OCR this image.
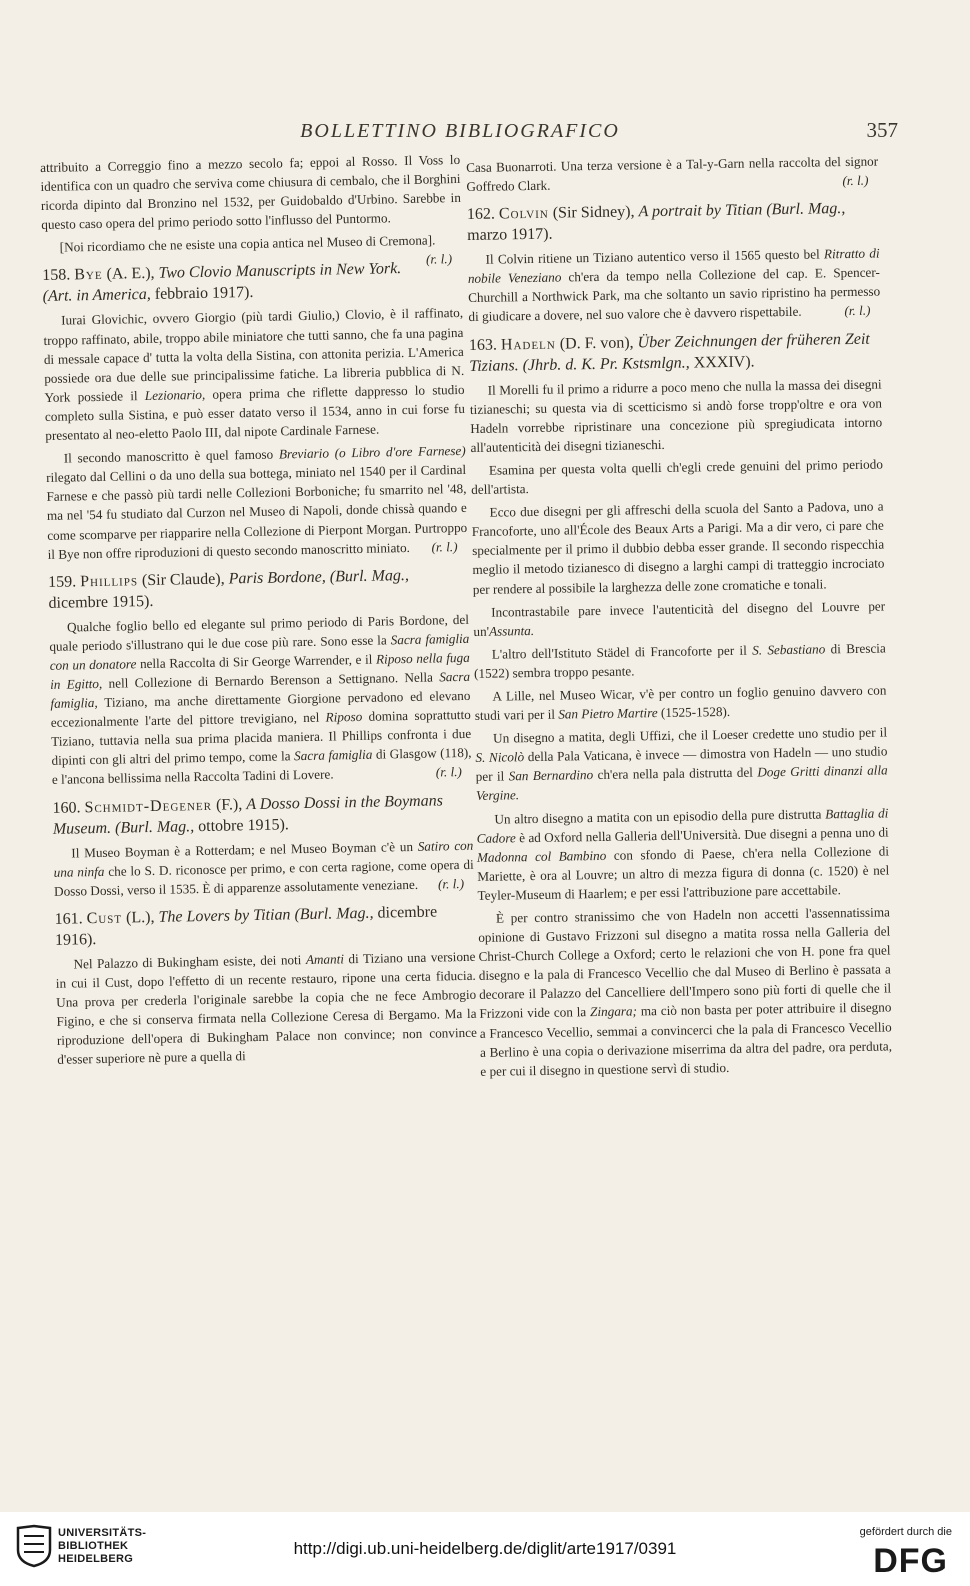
BOLLETTINO BIBLIOGRAFICO	357

attribuito a Correggio fino a mezzo secolo fa; eppoi al Rosso. Il Voss lo identifica con un quadro che serviva come chiusura di cembalo, che il Borghini ricorda dipinto dal Bronzino nel 1532, per Guidobaldo d'Urbino. Sarebbe in questo caso opera del primo periodo sotto l'influsso del Puntormo.

[Noi ricordiamo che ne esiste una copia antica nel Museo di Cremona].
(r. l.)

158. Bye (A. E.), Two Clovio Manuscripts in New York. (Art. in America, febbraio 1917).

Iurai Glovichic, ovvero Giorgio (più tardi Giulio,) Clovio, è il raffinato, troppo raffinato, abile, troppo abile miniatore che tutti sanno, che fa una pagina di messale capace d' tutta la volta della Sistina, con attonita perizia. L'America possiede ora due delle sue principalissime fatiche. La libreria pubblica di N. York possiede il Lezionario, opera prima che riflette dappresso lo studio completo sulla Sistina, e può esser datato verso il 1534, anno in cui forse fu presentato al neo-eletto Paolo III, dal nipote Cardinale Farnese.

Il secondo manoscritto è quel famoso Breviario (o Libro d'ore Farnese) rilegato dal Cellini o da uno della sua bottega, miniato nel 1540 per il Cardinal Farnese e che passò più tardi nelle Collezioni Borboniche; fu smarrito nel '48, ma nel '54 fu studiato dal Curzon nel Museo di Napoli, donde chissà quando e come scomparve per riapparire nella Collezione di Pierpont Morgan. Purtroppo il Bye non offre riproduzioni di questo secondo manoscritto miniato.	(r. l.)

159. Phillips (Sir Claude), Paris Bordone, (Burl. Mag., dicembre 1915).

Qualche foglio bello ed elegante sul primo periodo di Paris Bordone, del quale periodo s'illustrano qui le due cose più rare. Sono esse la Sacra famiglia con un donatore nella Raccolta di Sir George Warrender, e il Riposo nella fuga in Egitto, nell Collezione di Bernardo Berenson a Settignano. Nella Sacra famiglia, Tiziano, ma anche direttamente Giorgione pervadono ed elevano eccezionalmente l'arte del pittore trevigiano, nel Riposo domina soprattutto Tiziano, tuttavia nella sua prima placida maniera. Il Phillips confronta i due dipinti con gli altri del primo tempo, come la Sacra famiglia di Glasgow (118), e l'ancona bellissima nella Raccolta Tadini di Lovere.	(r. l.)

160. Schmidt-Degener (F.), A Dosso Dossi in the Boymans Museum. (Burl. Mag., ottobre 1915).

Il Museo Boyman è a Rotterdam; e nel Museo Boyman c'è un Satiro con una ninfa che lo S. D. riconosce per primo, e con certa ragione, come opera di Dosso Dossi, verso il 1535. È di apparenze assolutamente veneziane.	(r. l.)

161. Cust (L.), The Lovers by Titian (Burl. Mag., dicembre 1916).

Nel Palazzo di Bukingham esiste, dei noti Amanti di Tiziano una versione in cui il Cust, dopo l'effetto di un recente restauro, ripone una certa fiducia. Una prova per crederla l'originale sarebbe la copia che ne fece Ambrogio Figino, e che si conserva firmata nella Collezione Ceresa di Bergamo. Ma la riproduzione dell'opera di Bukingham Palace non convince; non convince d'esser superiore nè pure a quella di

Casa Buonarroti. Una terza versione è a Tal-y-Garn nella raccolta del signor Goffredo Clark.	(r. l.)

162. Colvin (Sir Sidney), A portrait by Titian (Burl. Mag., marzo 1917).

Il Colvin ritiene un Tiziano autentico verso il 1565 questo bel Ritratto di nobile Veneziano ch'era da tempo nella Collezione del cap. E. Spencer-Churchill a Northwick Park, ma che soltanto un savio ripristino ha permesso di giudicare a dovere, nel suo valore che è davvero rispettabile.	(r. l.)

163. Hadeln (D. F. von), Über Zeichnungen der früheren Zeit Tizians. (Jhrb. d. K. Pr. Kstsmlgn., XXXIV).

Il Morelli fu il primo a ridurre a poco meno che nulla la massa dei disegni tizianeschi; su questa via di scetticismo si andò forse tropp'oltre e ora von Hadeln vorrebbe ripristinare una concezione più spregiudicata intorno all'autenticità dei disegni tizianeschi.

Esamina per questa volta quelli ch'egli crede genuini del primo periodo dell'artista.

Ecco due disegni per gli affreschi della scuola del Santo a Padova, uno a Francoforte, uno all'École des Beaux Arts a Parigi. Ma a dir vero, ci pare che specialmente per il primo il dubbio debba esser grande. Il secondo rispecchia meglio il metodo tizianesco di disegno a larghi campi di tratteggio incrociato per rendere al possibile la larghezza delle zone cromatiche e tonali.

Incontrastabile pare invece l'autenticità del disegno del Louvre per un'Assunta.

L'altro dell'Istituto Städel di Francoforte per il S. Sebastiano di Brescia (1522) sembra troppo pesante.

A Lille, nel Museo Wicar, v'è per contro un foglio genuino davvero con studi vari per il San Pietro Martire (1525-1528).

Un disegno a matita, degli Uffizi, che il Loeser credette uno studio per il S. Nicolò della Pala Vaticana, è invece — dimostra von Hadeln — uno studio per il San Bernardino ch'era nella pala distrutta del Doge Gritti dinanzi alla Vergine.

Un altro disegno a matita con un episodio della pure distrutta Battaglia di Cadore è ad Oxford nella Galleria dell'Università. Due disegni a penna uno di Madonna col Bambino con sfondo di Paese, ch'era nella Collezione di Mariette, è ora al Louvre; un altro di mezza figura di donna (c. 1520) è nel Teyler-Museum di Haarlem; e per essi l'attribuzione pare accettabile.

È per contro stranissimo che von Hadeln non accetti l'assennatissima opinione di Gustavo Frizzoni sul disegno a matita rossa nella Galleria del Christ-Church College a Oxford; certo le relazioni che von H. pone fra quel disegno e la pala di Francesco Vecellio che dal Museo di Berlino è passata a decorare il Palazzo del Cancelliere dell'Impero sono più forti di quelle che il Frizzoni vide con la Zingara; ma ciò non basta per poter attribuire il disegno a Francesco Vecellio, semmai a convincerci che la pala di Francesco Vecellio a Berlino è una copia o derivazione miserrima da altra del padre, ora perduta, e per cui il disegno in questione servì di studio.

UNIVERSITÄTS-
BIBLIOTHEK
HEIDELBERG
http://digi.ub.uni-heidelberg.de/diglit/arte1917/0391
gefördert durch die
DFG
